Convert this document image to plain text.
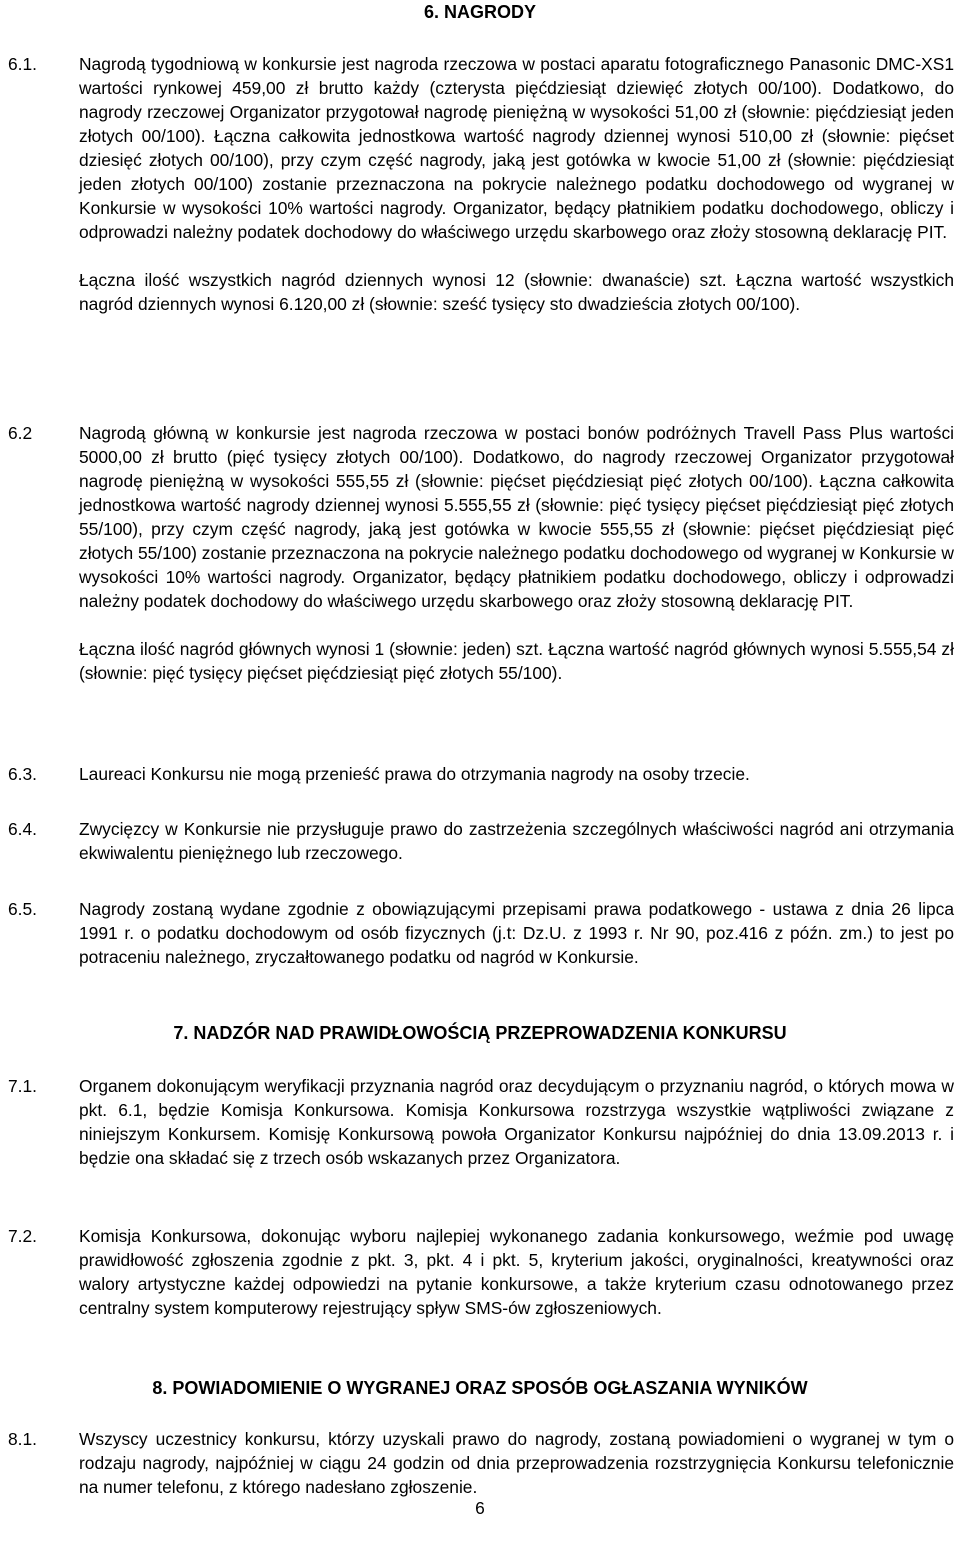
6. NAGRODY
6.1. Nagrodą tygodniową w konkursie jest nagroda rzeczowa w postaci aparatu fotograficznego Panasonic DMC-XS1 wartości rynkowej 459,00 zł brutto każdy (czterysta pięćdziesiąt dziewięć złotych 00/100). Dodatkowo, do nagrody rzeczowej Organizator przygotował nagrodę pieniężną w wysokości 51,00 zł (słownie: pięćdziesiąt jeden złotych 00/100). Łączna całkowita jednostkowa wartość nagrody dziennej wynosi 510,00 zł (słownie: pięćset dziesięć złotych 00/100), przy czym część nagrody, jaką jest gotówka w kwocie 51,00 zł (słownie: pięćdziesiąt jeden złotych 00/100) zostanie przeznaczona na pokrycie należnego podatku dochodowego od wygranej w Konkursie w wysokości 10% wartości nagrody. Organizator, będący płatnikiem podatku dochodowego, obliczy i odprowadzi należny podatek dochodowy do właściwego urzędu skarbowego oraz złoży stosowną deklarację PIT.

Łączna ilość wszystkich nagród dziennych wynosi 12 (słownie: dwanaście) szt. Łączna wartość wszystkich nagród dziennych wynosi 6.120,00 zł (słownie: sześć tysięcy sto dwadzieścia złotych 00/100).

6.2	Nagrodą główną w konkursie jest nagroda rzeczowa w postaci bonów podróżnych Travell Pass Plus wartości 5000,00 zł brutto (pięć tysięcy złotych 00/100). Dodatkowo, do nagrody rzeczowej Organizator przygotował nagrodę pieniężną w wysokości 555,55 zł (słownie: pięćset pięćdziesiąt pięć złotych 00/100). Łączna całkowita jednostkowa wartość nagrody dziennej wynosi 5.555,55 zł (słownie: pięć tysięcy pięćset pięćdziesiąt pięć złotych 55/100), przy czym część nagrody, jaką jest gotówka w kwocie 555,55 zł (słownie: pięćset pięćdziesiąt pięć złotych 55/100) zostanie przeznaczona na pokrycie należnego podatku dochodowego od wygranej w Konkursie w wysokości 10% wartości nagrody. Organizator, będący płatnikiem podatku dochodowego, obliczy i odprowadzi należny podatek dochodowy do właściwego urzędu skarbowego oraz złoży stosowną deklarację PIT.

Łączna ilość nagród głównych wynosi 1 (słownie: jeden) szt. Łączna wartość nagród głównych wynosi 5.555,54 zł (słownie: pięć tysięcy pięćset pięćdziesiąt pięć złotych 55/100).

6.3. Laureaci Konkursu nie mogą przenieść prawa do otrzymania nagrody na osoby trzecie.

6.4. Zwycięzcy w Konkursie nie przysługuje prawo do zastrzeżenia szczególnych właściwości nagród ani otrzymania ekwiwalentu pieniężnego lub rzeczowego.

6.5. Nagrody zostaną wydane zgodnie z obowiązującymi przepisami prawa podatkowego - ustawa z dnia 26 lipca 1991 r. o podatku dochodowym od osób fizycznych (j.t: Dz.U. z 1993 r. Nr 90, poz.416 z późn. zm.) to jest po potraceniu należnego, zryczałtowanego podatku od nagród w Konkursie.

7. NADZÓR NAD PRAWIDŁOWOŚCIĄ PRZEPROWADZENIA KONKURSU
7.1. Organem dokonującym weryfikacji przyznania nagród oraz decydującym o przyznaniu nagród, o których mowa w pkt. 6.1, będzie Komisja Konkursowa. Komisja Konkursowa rozstrzyga wszystkie wątpliwości związane z niniejszym Konkursem. Komisję Konkursową powoła Organizator Konkursu najpóźniej do dnia 13.09.2013 r. i będzie ona składać się z trzech osób wskazanych przez Organizatora.

7.2. Komisja Konkursowa, dokonując wyboru najlepiej wykonanego zadania konkursowego, weźmie pod uwagę prawidłowość zgłoszenia zgodnie z pkt. 3, pkt. 4 i pkt. 5, kryterium jakości, oryginalności, kreatywności oraz walory artystyczne każdej odpowiedzi na pytanie konkursowe, a także kryterium czasu odnotowanego przez centralny system komputerowy rejestrujący spływ SMS-ów zgłoszeniowych.

8. POWIADOMIENIE O WYGRANEJ ORAZ SPOSÓB OGŁASZANIA WYNIKÓW
8.1. Wszyscy uczestnicy konkursu, którzy uzyskali prawo do nagrody, zostaną powiadomieni o wygranej w tym o rodzaju nagrody, najpóźniej w ciągu 24 godzin od dnia przeprowadzenia rozstrzygnięcia Konkursu telefonicznie na numer telefonu, z którego nadesłano zgłoszenie.

6
